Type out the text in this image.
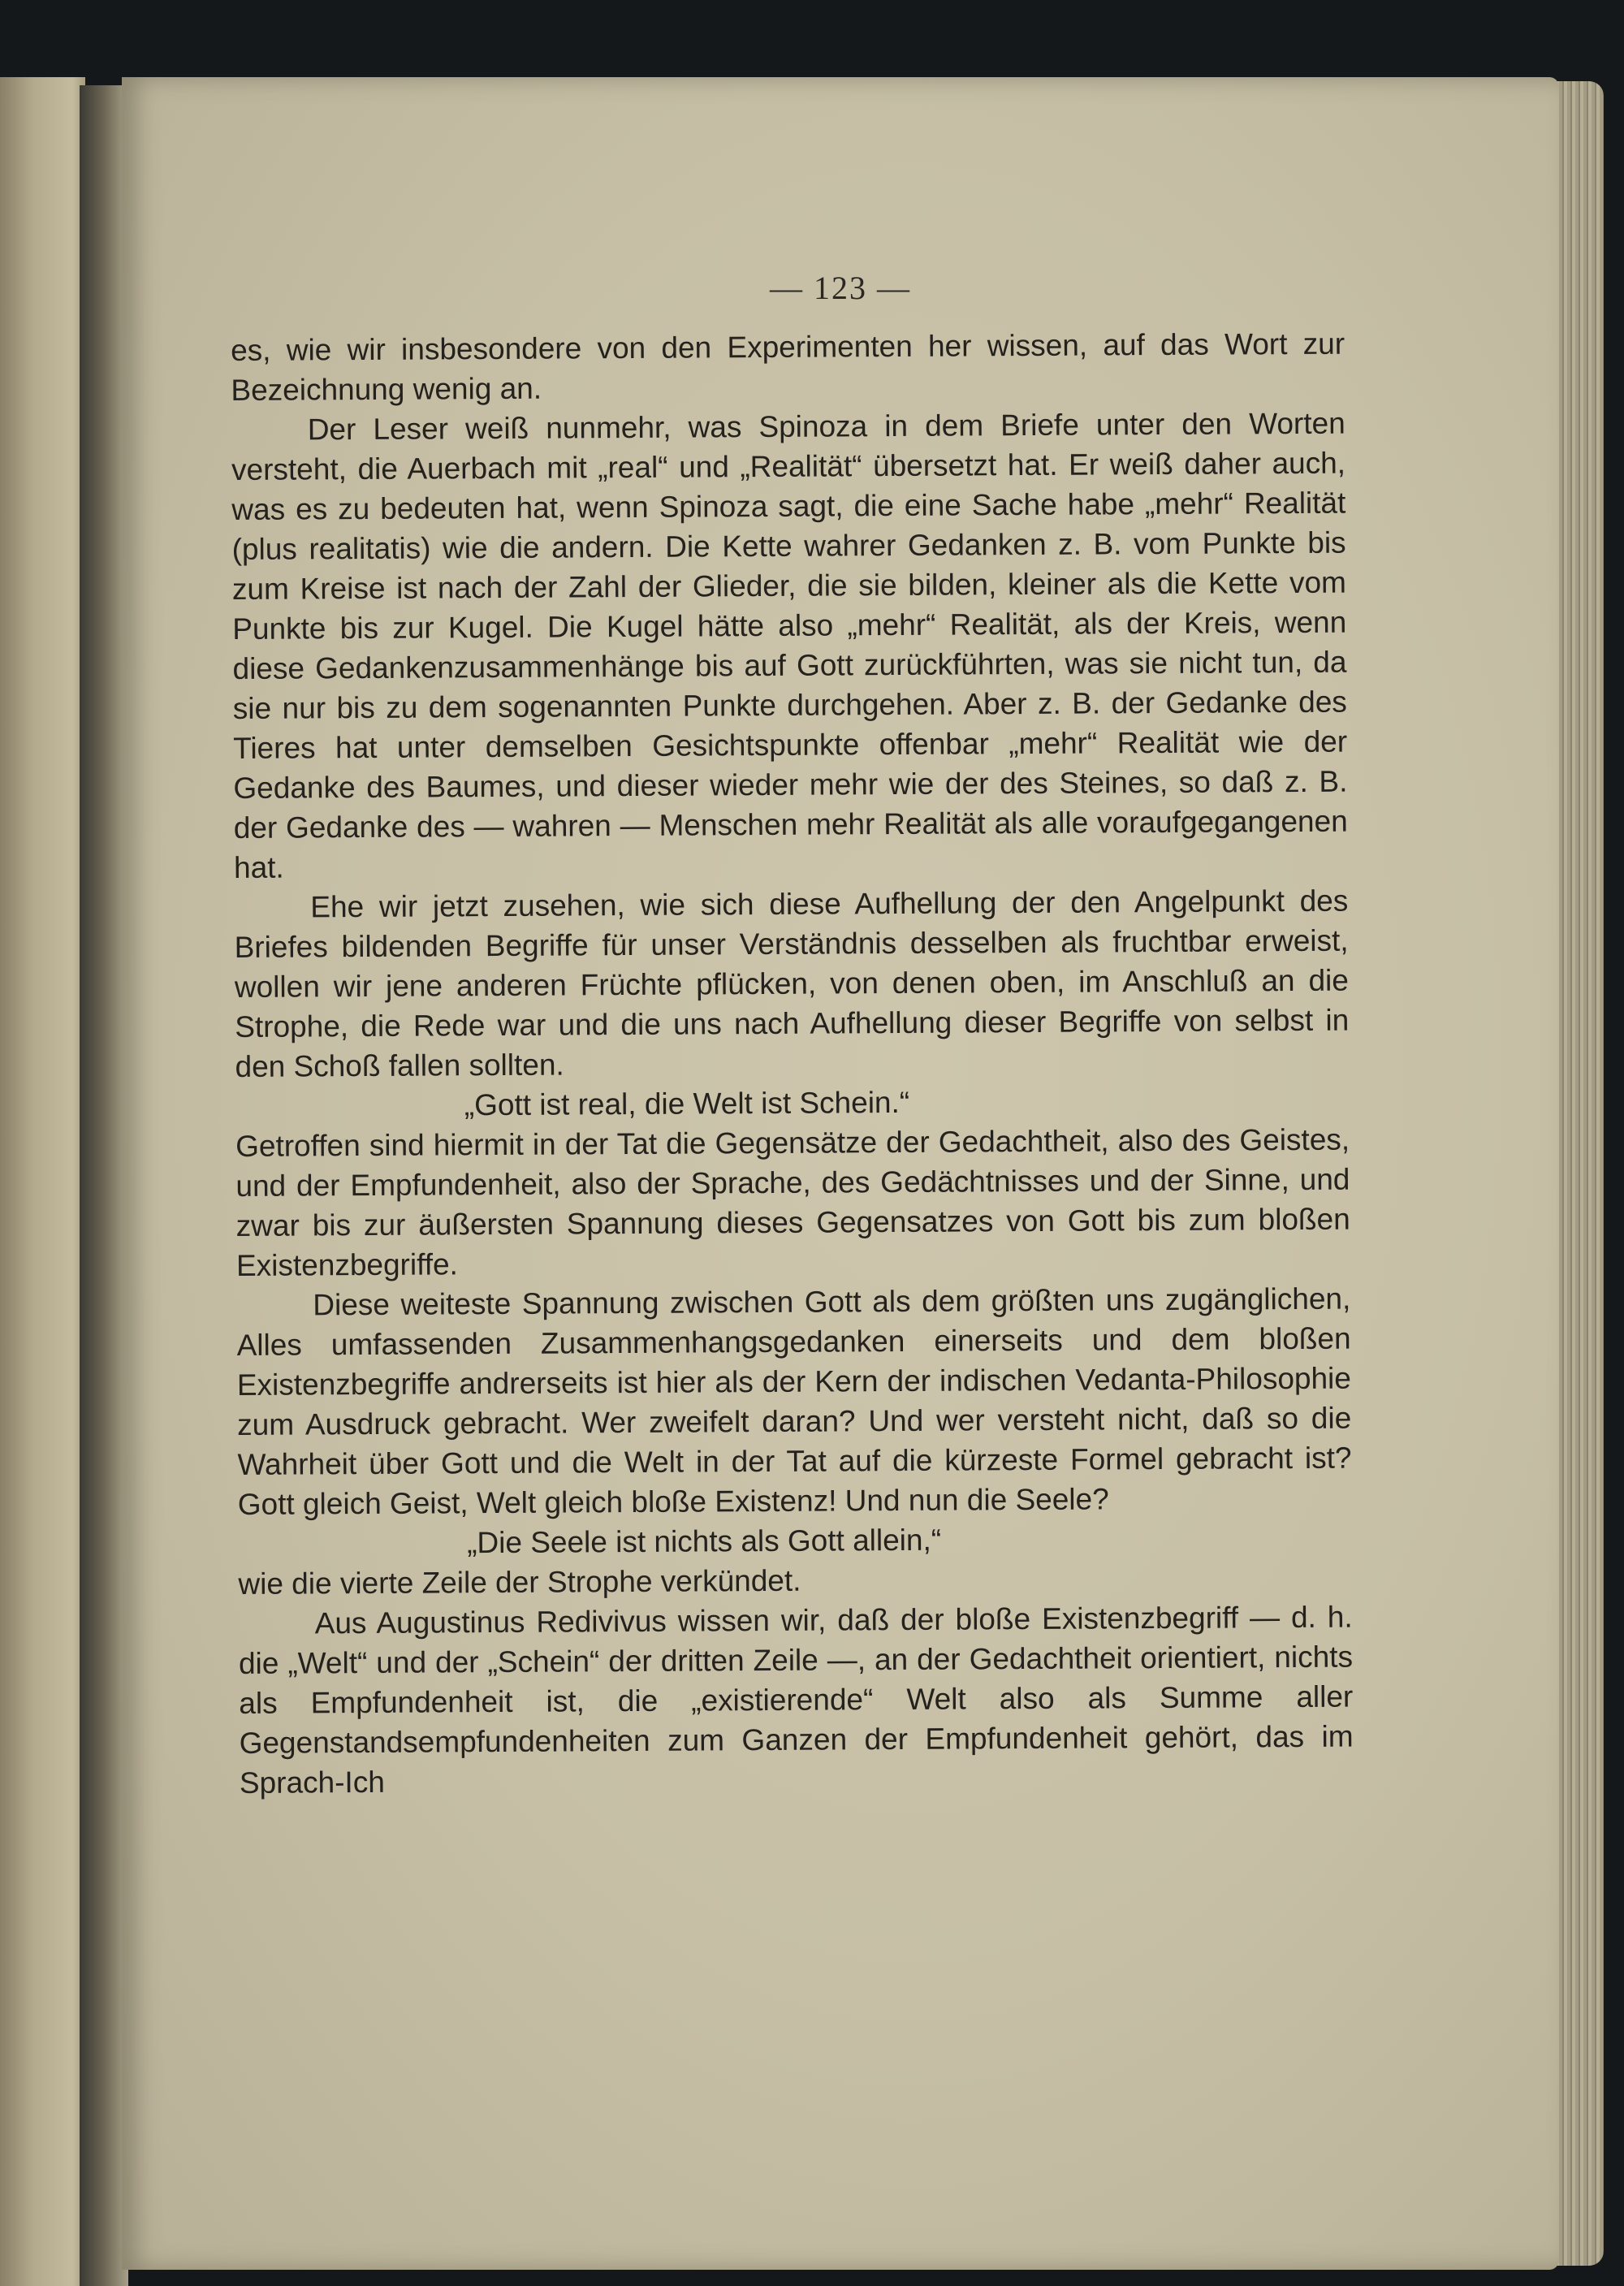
— 123 —

es, wie wir insbesondere von den Experimenten her wissen, auf das Wort zur Bezeichnung wenig an.

Der Leser weiß nunmehr, was Spinoza in dem Briefe unter den Worten versteht, die Auerbach mit „real“ und „Realität“ übersetzt hat. Er weiß daher auch, was es zu bedeuten hat, wenn Spinoza sagt, die eine Sache habe „mehr“ Realität (plus realitatis) wie die andern. Die Kette wahrer Gedanken z. B. vom Punkte bis zum Kreise ist nach der Zahl der Glieder, die sie bilden, kleiner als die Kette vom Punkte bis zur Kugel. Die Kugel hätte also „mehr“ Realität, als der Kreis, wenn diese Gedankenzusammenhänge bis auf Gott zurückführten, was sie nicht tun, da sie nur bis zu dem sogenannten Punkte durchgehen. Aber z. B. der Gedanke des Tieres hat unter demselben Gesichtspunkte offenbar „mehr“ Realität wie der Gedanke des Baumes, und dieser wieder mehr wie der des Steines, so daß z. B. der Gedanke des — wahren — Menschen mehr Realität als alle voraufgegangenen hat.

Ehe wir jetzt zusehen, wie sich diese Aufhellung der den Angelpunkt des Briefes bildenden Begriffe für unser Verständnis desselben als fruchtbar erweist, wollen wir jene anderen Früchte pflücken, von denen oben, im Anschluß an die Strophe, die Rede war und die uns nach Aufhellung dieser Begriffe von selbst in den Schoß fallen sollten.

„Gott ist real, die Welt ist Schein.“

Getroffen sind hiermit in der Tat die Gegensätze der Gedachtheit, also des Geistes, und der Empfundenheit, also der Sprache, des Gedächtnisses und der Sinne, und zwar bis zur äußersten Spannung dieses Gegensatzes von Gott bis zum bloßen Existenzbegriffe.

Diese weiteste Spannung zwischen Gott als dem größten uns zugänglichen, Alles umfassenden Zusammenhangsgedanken einerseits und dem bloßen Existenzbegriffe andrerseits ist hier als der Kern der indischen Vedanta-Philosophie zum Ausdruck gebracht. Wer zweifelt daran? Und wer versteht nicht, daß so die Wahrheit über Gott und die Welt in der Tat auf die kürzeste Formel gebracht ist? Gott gleich Geist, Welt gleich bloße Existenz! Und nun die Seele?

„Die Seele ist nichts als Gott allein,“

wie die vierte Zeile der Strophe verkündet.

Aus Augustinus Redivivus wissen wir, daß der bloße Existenzbegriff — d. h. die „Welt“ und der „Schein“ der dritten Zeile —, an der Gedachtheit orientiert, nichts als Empfundenheit ist, die „existierende“ Welt also als Summe aller Gegenstandsempfundenheiten zum Ganzen der Empfundenheit gehört, das im Sprach-Ich
